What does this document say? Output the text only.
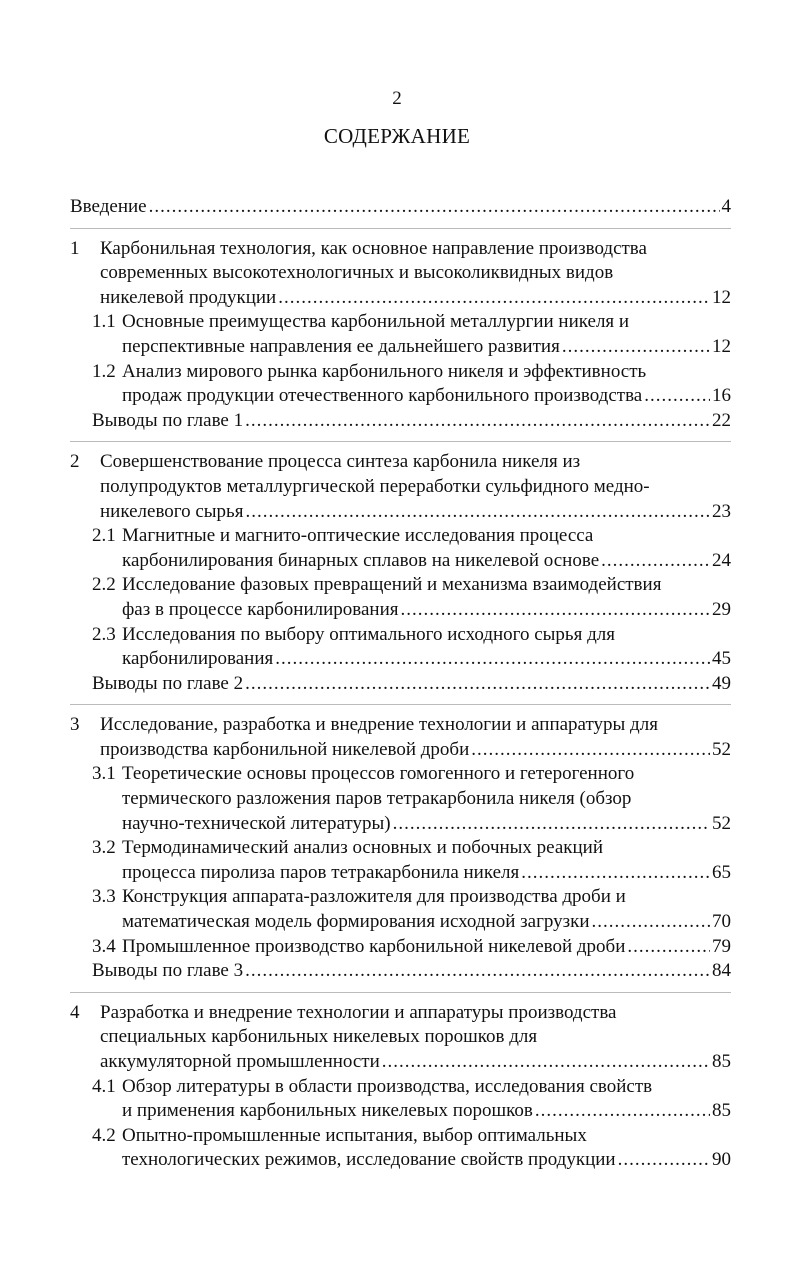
2
СОДЕРЖАНИЕ
Введение .....	4
1	Карбонильная технология, как основное направление производства
современных высокотехнологичных и высоколиквидных видов
никелевой продукции .....	12
1.1 Основные преимущества карбонильной металлургии никеля и
перспективные направления ее дальнейшего развития .....	12
1.2 Анализ мирового рынка карбонильного никеля и эффективность
продаж продукции отечественного карбонильного производства .....	16
Выводы по главе 1 .....	22
2	Совершенствование процесса синтеза карбонила никеля из
полупродуктов металлургической переработки сульфидного медно-
никелевого сырья .....	23
2.1 Магнитные и магнито-оптические исследования процесса
карбонилирования бинарных сплавов на никелевой основе .....	24
2.2 Исследование фазовых превращений и механизма взаимодействия
фаз в процессе карбонилирования .....	29
2.3 Исследования по выбору оптимального исходного сырья для
карбонилирования .....	45
Выводы по главе 2 .....	49
3	Исследование, разработка и внедрение технологии и аппаратуры для
производства карбонильной никелевой дроби .....	52
3.1 Теоретические основы процессов гомогенного и гетерогенного
термического разложения паров тетракарбонила никеля (обзор
научно-технической литературы) .....	52
3.2 Термодинамический анализ основных и побочных реакций
процесса пиролиза паров тетракарбонила никеля .....	65
3.3 Конструкция аппарата-разложителя для производства дроби и
математическая модель формирования исходной загрузки .....	70
3.4 Промышленное производство карбонильной никелевой дроби .....	79
Выводы по главе 3 .....	84
4	Разработка и внедрение технологии и аппаратуры производства
специальных карбонильных никелевых порошков для
аккумуляторной промышленности .....	85
4.1 Обзор литературы в области производства, исследования свойств
и применения карбонильных никелевых порошков .....	85
4.2 Опытно-промышленные испытания, выбор оптимальных
технологических режимов, исследование свойств продукции .....	90
